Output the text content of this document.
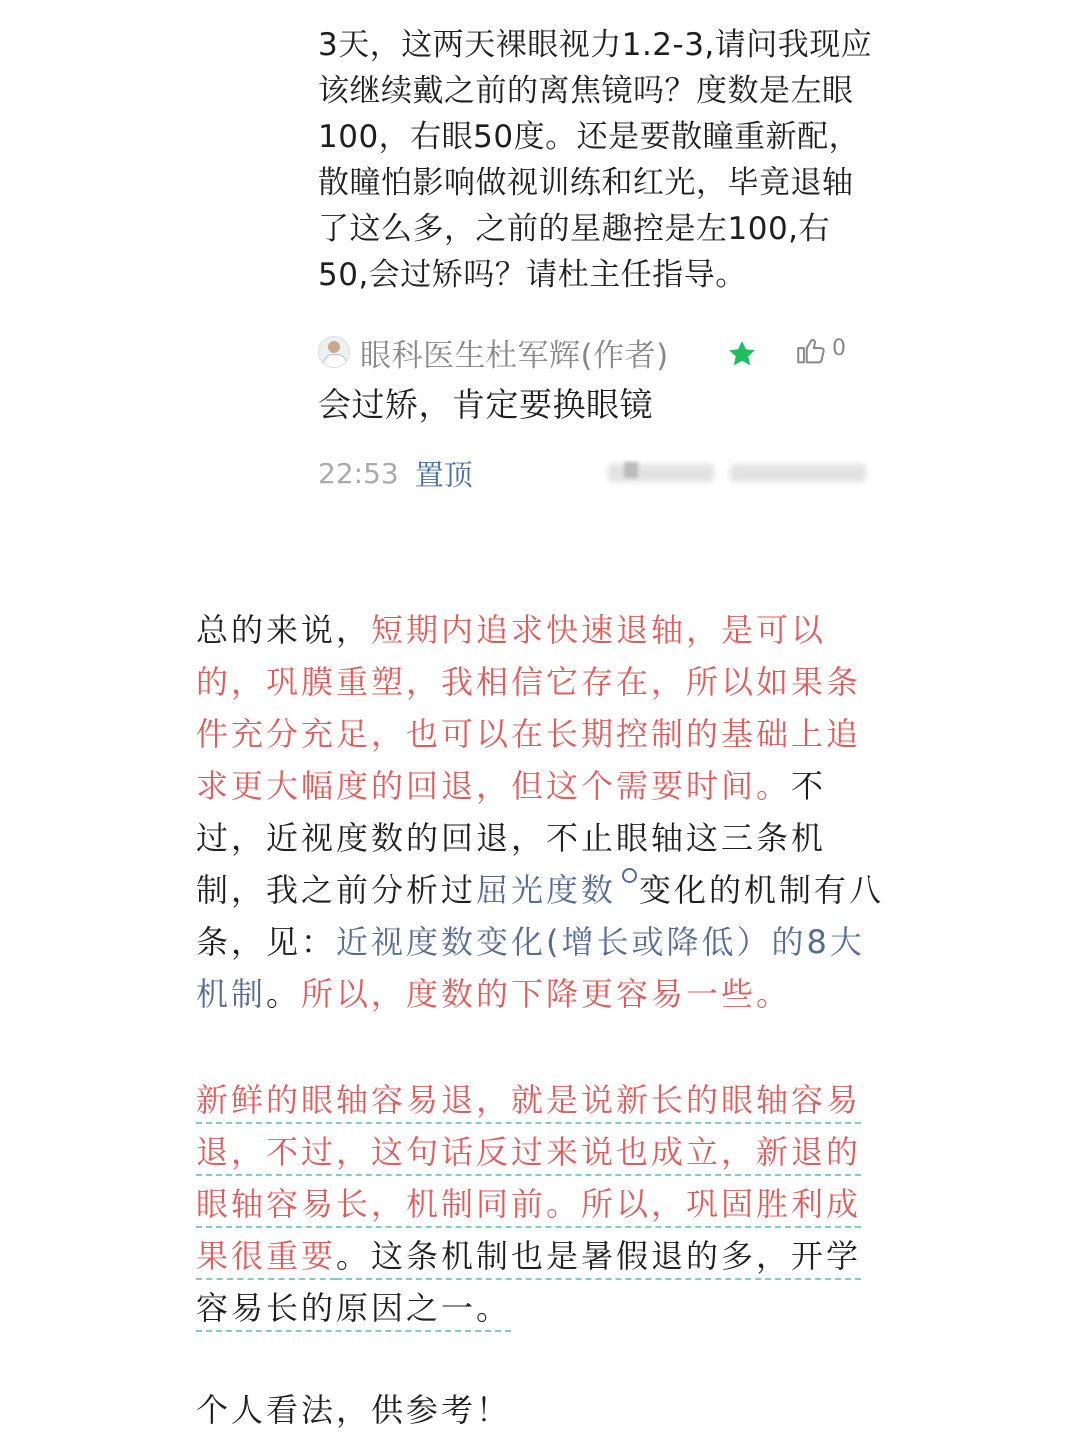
3天，这两天裸眼视力1.2-3,请问我现应该继续戴之前的离焦镜吗？度数是左眼100，右眼50度。还是要散瞳重新配，散瞳怕影响做视训练和红光，毕竟退轴了这么多，之前的星趣控是左100,右50,会过矫吗？请杜主任指导。

眼科医生杜军辉(作者)	0
会过矫，肯定要换眼镜
22:53 置顶
总的来说，短期内追求快速退轴，是可以的，巩膜重塑，我相信它存在，所以如果条件充分充足，也可以在长期控制的基础上追求更大幅度的回退，但这个需要时间。不过，近视度数的回退，不止眼轴这三条机制，我之前分析过屈光度数 变化的机制有八条，见：近视度数变化(增长或降低）的8大机制。所以，度数的下降更容易一些。
新鲜的眼轴容易退，就是说新长的眼轴容易退，不过，这句话反过来说也成立，新退的眼轴容易长，机制同前。所以，巩固胜利成果很重要。这条机制也是暑假退的多，开学容易长的原因之一。
个人看法，供参考！
